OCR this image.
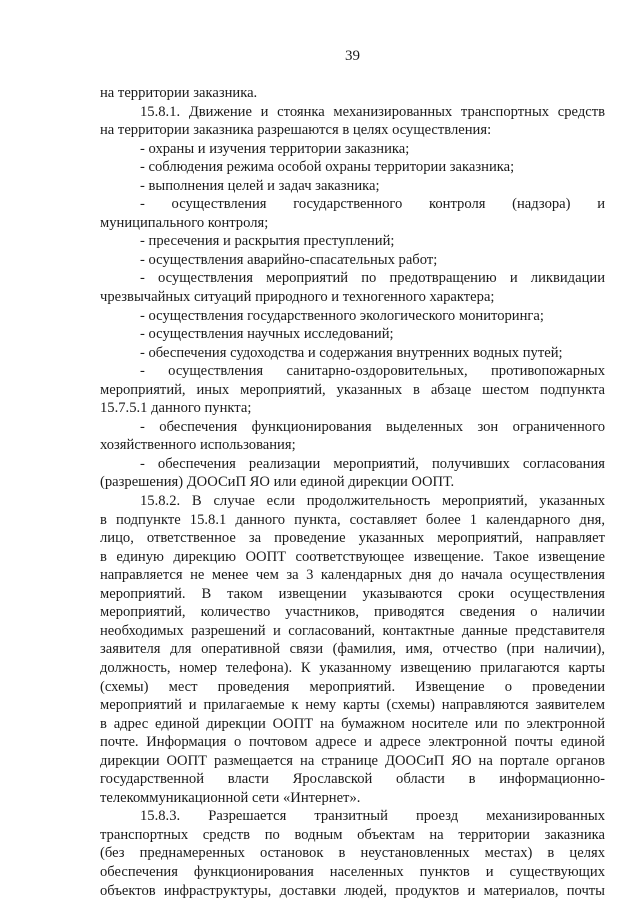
39
на территории заказника.
15.8.1. Движение и стоянка механизированных транспортных средств
на территории заказника разрешаются в целях осуществления:
- охраны и изучения территории заказника;
- соблюдения режима особой охраны территории заказника;
- выполнения целей и задач заказника;
- осуществления государственного контроля (надзора) и
муниципального контроля;
- пресечения и раскрытия преступлений;
- осуществления аварийно-спасательных работ;
- осуществления мероприятий по предотвращению и ликвидации
чрезвычайных ситуаций природного и техногенного характера;
- осуществления государственного экологического мониторинга;
- осуществления научных исследований;
- обеспечения судоходства и содержания внутренних водных путей;
- осуществления санитарно-оздоровительных, противопожарных
мероприятий, иных мероприятий, указанных в абзаце шестом подпункта
15.7.5.1 данного пункта;
- обеспечения функционирования выделенных зон ограниченного
хозяйственного использования;
- обеспечения реализации мероприятий, получивших согласования
(разрешения) ДООСиП ЯО или единой дирекции ООПТ.
15.8.2. В случае если продолжительность мероприятий, указанных
в подпункте 15.8.1 данного пункта, составляет более 1 календарного дня,
лицо, ответственное за проведение указанных мероприятий, направляет
в единую дирекцию ООПТ соответствующее извещение. Такое извещение
направляется не менее чем за 3 календарных дня до начала осуществления
мероприятий. В таком извещении указываются сроки осуществления
мероприятий, количество участников, приводятся сведения о наличии
необходимых разрешений и согласований, контактные данные представителя
заявителя для оперативной связи (фамилия, имя, отчество (при наличии),
должность, номер телефона). К указанному извещению прилагаются карты
(схемы) мест проведения мероприятий. Извещение о проведении
мероприятий и прилагаемые к нему карты (схемы) направляются заявителем
в адрес единой дирекции ООПТ на бумажном носителе или по электронной
почте. Информация о почтовом адресе и адресе электронной почты единой
дирекции ООПТ размещается на странице ДООСиП ЯО на портале органов
государственной власти Ярославской области в информационно-
телекоммуникационной сети «Интернет».
15.8.3. Разрешается транзитный проезд механизированных
транспортных средств по водным объектам на территории заказника
(без преднамеренных остановок в неустановленных местах) в целях
обеспечения функционирования населенных пунктов и существующих
объектов инфраструктуры, доставки людей, продуктов и материалов, почты
